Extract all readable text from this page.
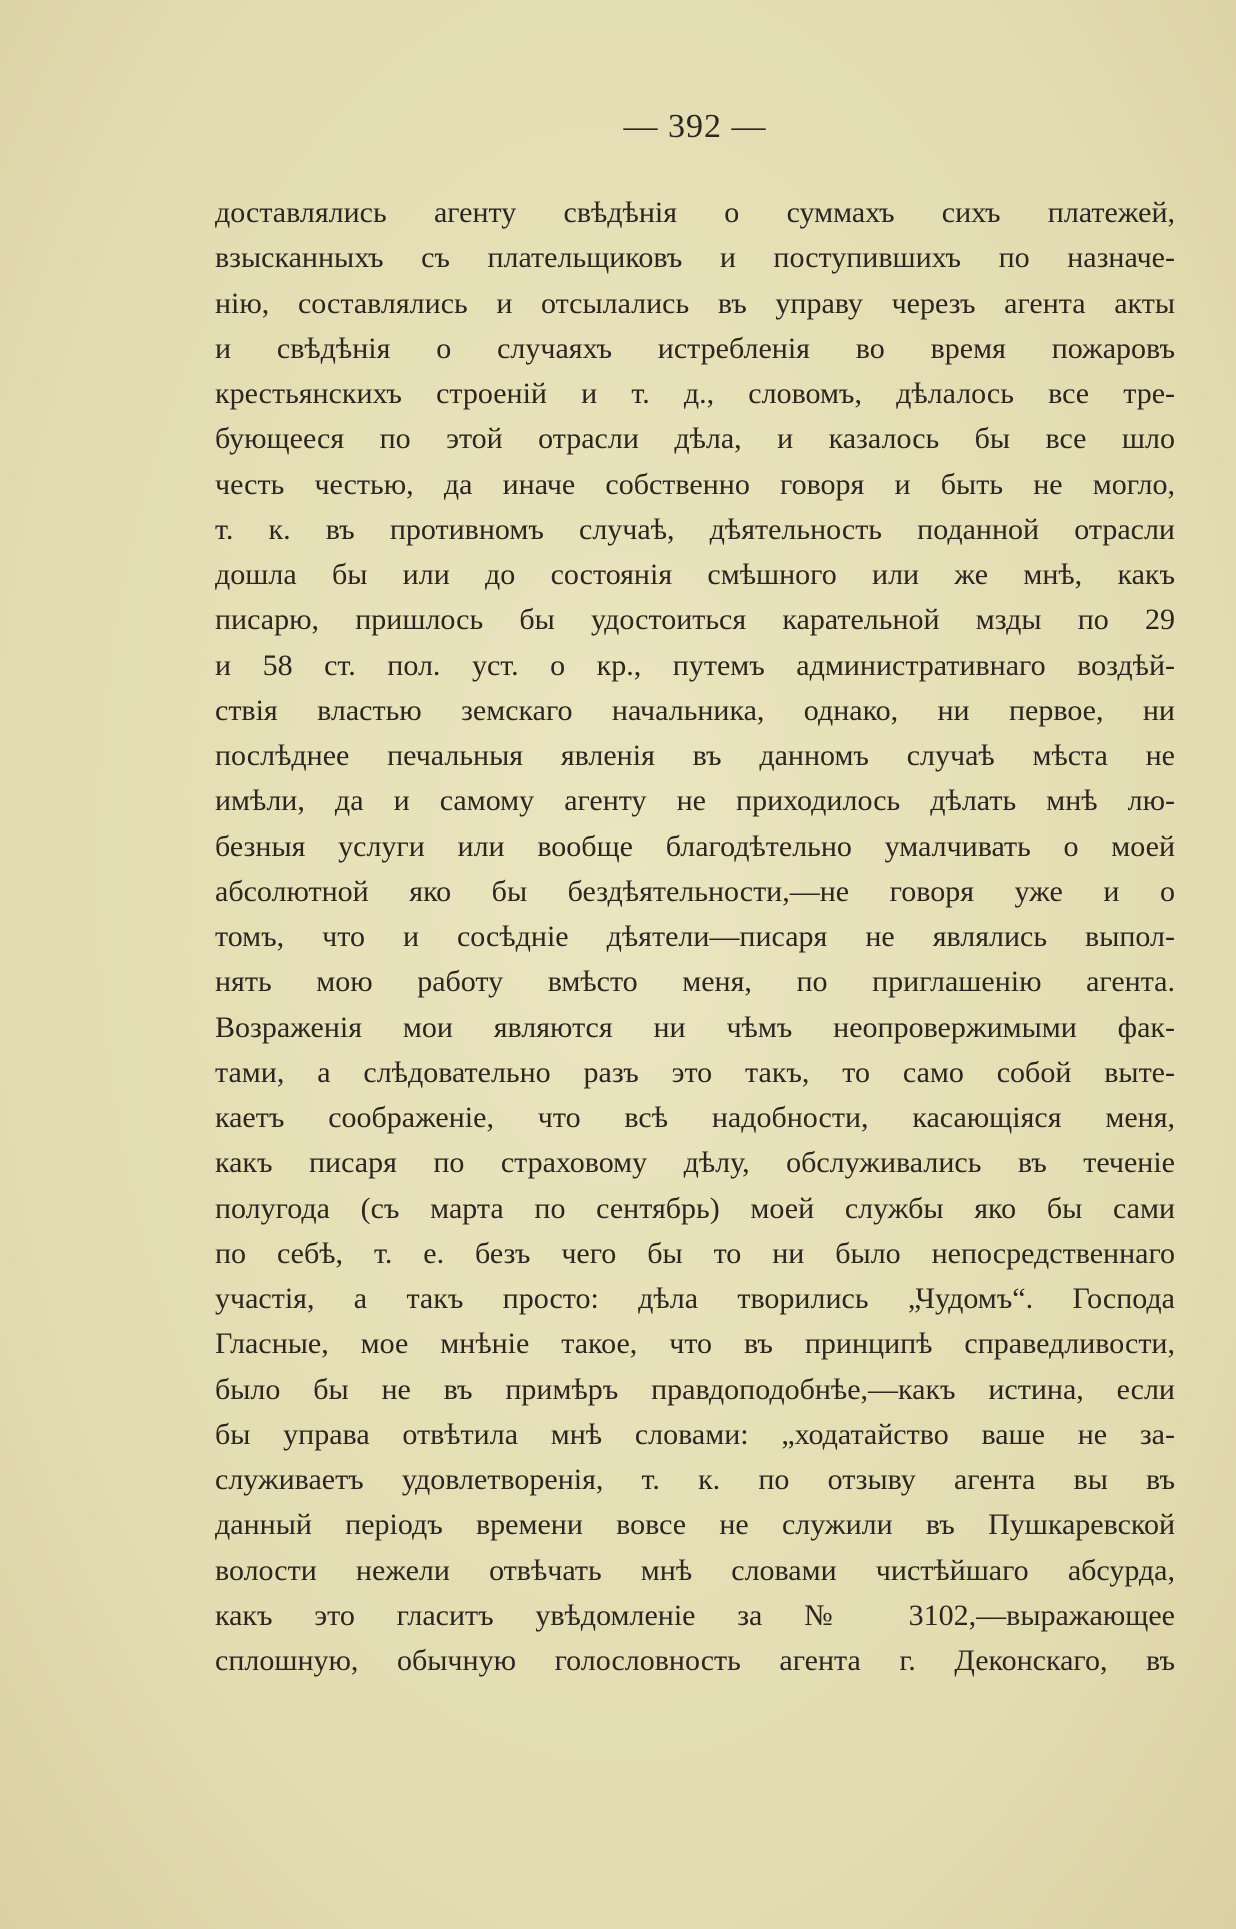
— 392 —
доставлялись агенту свѣдѣнія о суммахъ сихъ платежей,
взысканныхъ съ плательщиковъ и поступившихъ по назначе-
нію, составлялись и отсылались въ управу черезъ агента акты
и свѣдѣнія о случаяхъ истребленія во время пожаровъ
крестьянскихъ строеній и т. д., словомъ, дѣлалось все тре-
бующееся по этой отрасли дѣла, и казалось бы все шло
честь честью, да иначе собственно говоря и быть не могло,
т. к. въ противномъ случаѣ, дѣятельность поданной отрасли
дошла бы или до состоянія смѣшного или же мнѣ, какъ
писарю, пришлось бы удостоиться карательной мзды по 29
и 58 ст. пол. уст. о кр., путемъ административнаго воздѣй-
ствія властью земскаго начальника, однако, ни первое, ни
послѣднее печальныя явленія въ данномъ случаѣ мѣста не
имѣли, да и самому агенту не приходилось дѣлать мнѣ лю-
безныя услуги или вообще благодѣтельно умалчивать о моей
абсолютной яко бы бездѣятельности,—не говоря уже и о
томъ, что и сосѣдніе дѣятели—писаря не являлись выпол-
нять мою работу вмѣсто меня, по приглашенію агента.
Возраженія мои являются ни чѣмъ неопровержимыми фак-
тами, а слѣдовательно разъ это такъ, то само собой выте-
каетъ соображеніе, что всѣ надобности, касающіяся меня,
какъ писаря по страховому дѣлу, обслуживались въ теченіе
полугода (съ марта по сентябрь) моей службы яко бы сами
по себѣ, т. е. безъ чего бы то ни было непосредственнаго
участія, а такъ просто: дѣла творились „Чудомъ“. Господа
Гласные, мое мнѣніе такое, что въ принципѣ справедливости,
было бы не въ примѣръ правдоподобнѣе,—какъ истина, если
бы управа отвѣтила мнѣ словами: „ходатайство ваше не за-
служиваетъ удовлетворенія, т. к. по отзыву агента вы въ
данный періодъ времени вовсе не служили въ Пушкаревской
волости нежели отвѣчать мнѣ словами чистѣйшаго абсурда,
какъ это гласитъ увѣдомленіе за № 3102,—выражающее
сплошную, обычную голословность агента г. Деконскаго, въ
